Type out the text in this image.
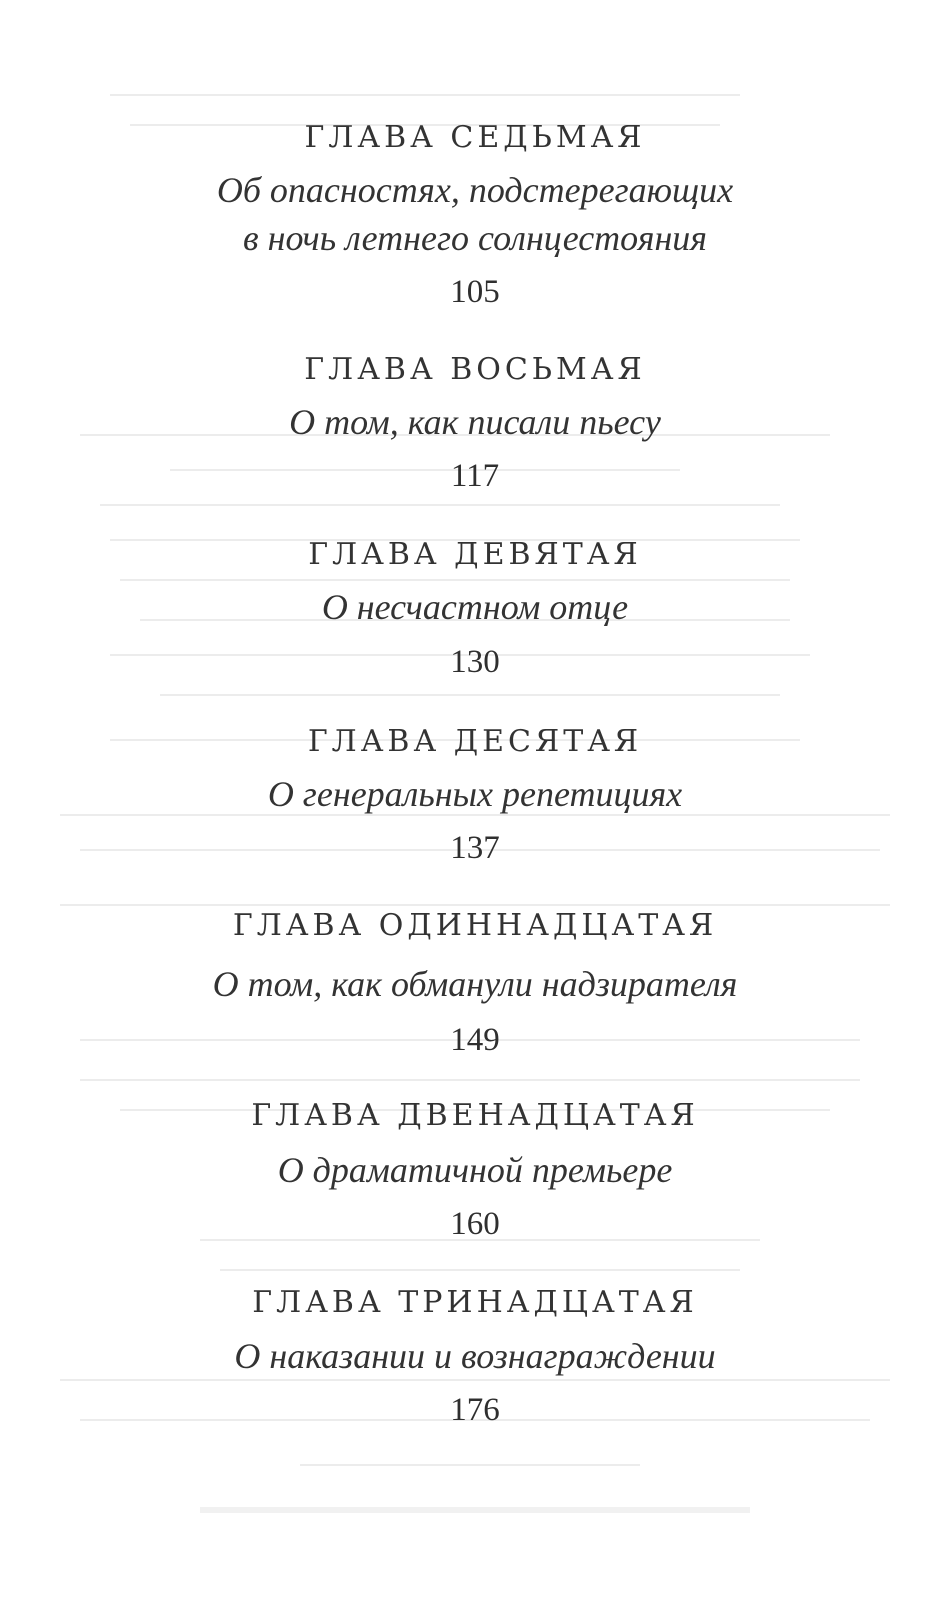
ГЛАВА СЕДЬМАЯ
Об опасностях, подстерегающих
в ночь летнего солнцестояния
105
ГЛАВА ВОСЬМАЯ
О том, как писали пьесу
117
ГЛАВА ДЕВЯТАЯ
О несчастном отце
130
ГЛАВА ДЕСЯТАЯ
О генеральных репетициях
137
ГЛАВА ОДИННАДЦАТАЯ
О том, как обманули надзирателя
149
ГЛАВА ДВЕНАДЦАТАЯ
О драматичной премьере
160
ГЛАВА ТРИНАДЦАТАЯ
О наказании и вознаграждении
176
